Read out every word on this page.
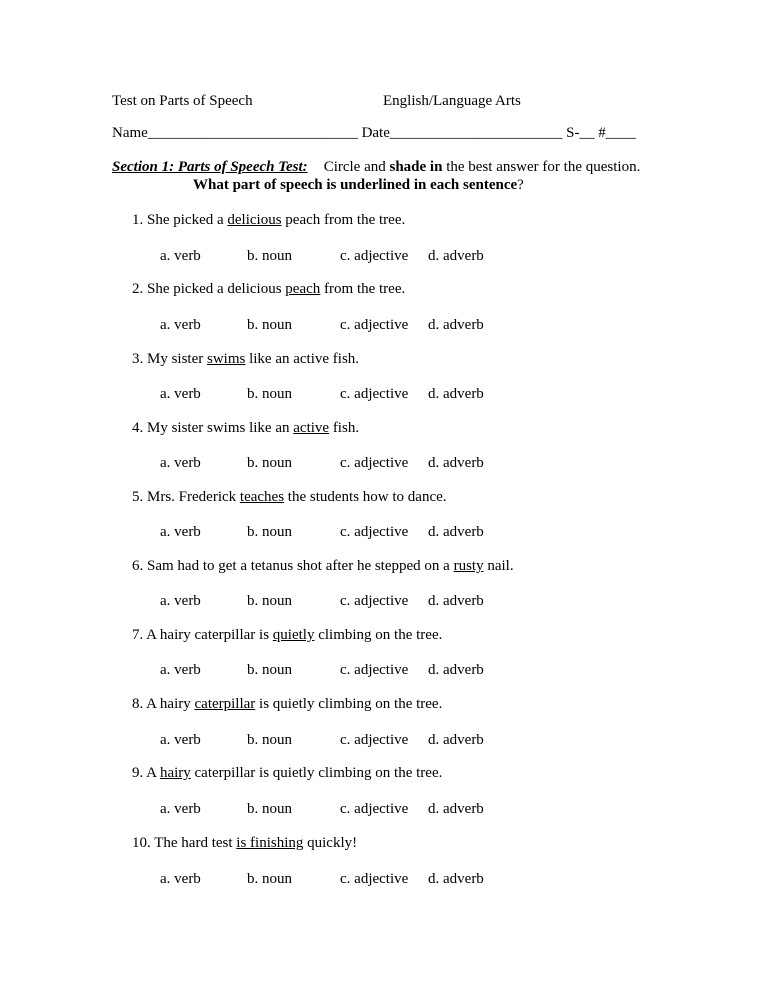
Test on Parts of Speech	English/Language Arts
Name____________________________ Date_______________________ S-__ #____
Section 1: Parts of Speech Test: Circle and shade in the best answer for the question.
What part of speech is underlined in each sentence?
1. She picked a delicious peach from the tree.
a. verb	b. noun	c. adjective d. adverb
2. She picked a delicious peach from the tree.
a. verb	b. noun	c. adjective d. adverb
3. My sister swims like an active fish.
a. verb	b. noun	c. adjective d. adverb
4. My sister swims like an active fish.
a. verb	b. noun	c. adjective d. adverb
5. Mrs. Frederick teaches the students how to dance.
a. verb	b. noun	c. adjective d. adverb
6. Sam had to get a tetanus shot after he stepped on a rusty nail.
a. verb	b. noun	c. adjective d. adverb
7. A hairy caterpillar is quietly climbing on the tree.
a. verb	b. noun	c. adjective d. adverb
8. A hairy caterpillar is quietly climbing on the tree.
a. verb	b. noun	c. adjective d. adverb
9. A hairy caterpillar is quietly climbing on the tree.
a. verb	b. noun	c. adjective d. adverb
10. The hard test is finishing quickly!
a. verb	b. noun	c. adjective d. adverb
